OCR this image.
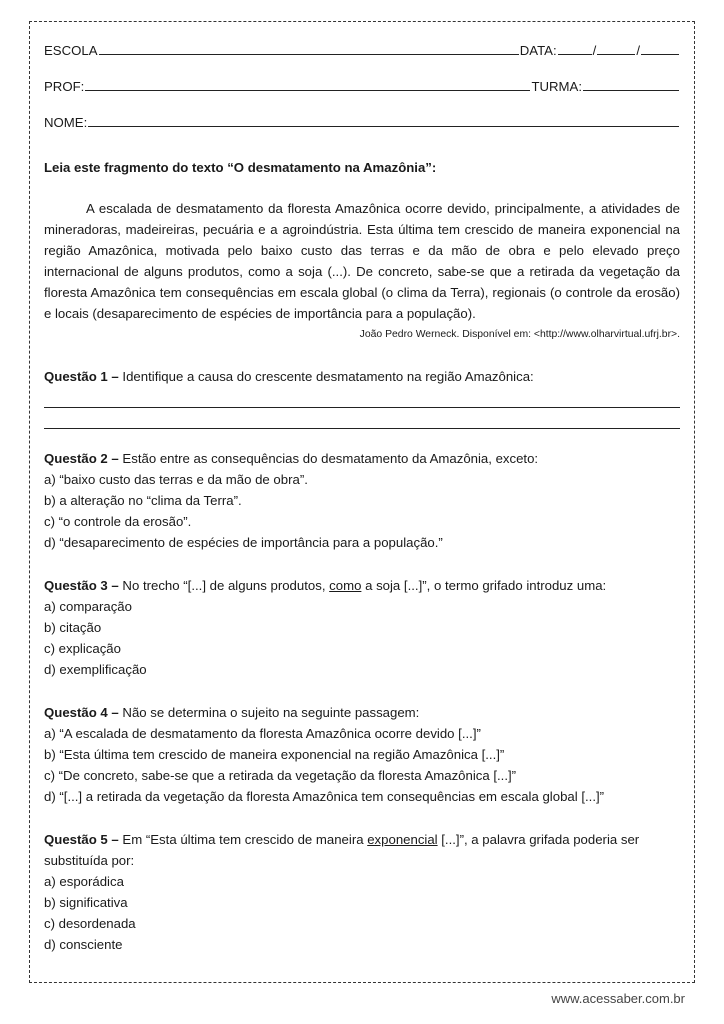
ESCOLA	DATA:	/	/
PROF:	TURMA:
NOME:
Leia este fragmento do texto “O desmatamento na Amazônia”:

A escalada de desmatamento da floresta Amazônica ocorre devido, principalmente, a atividades de mineradoras, madeireiras, pecuária e a agroindústria. Esta última tem crescido de maneira exponencial na região Amazônica, motivada pelo baixo custo das terras e da mão de obra e pelo elevado preço internacional de alguns produtos, como a soja (...). De concreto, sabe-se que a retirada da vegetação da floresta Amazônica tem consequências em escala global (o clima da Terra), regionais (o controle da erosão) e locais (desaparecimento de espécies de importância para a população).

João Pedro Werneck. Disponível em: <http://www.olharvirtual.ufrj.br>.
Questão 1 – Identifique a causa do crescente desmatamento na região Amazônica:
Questão 2 – Estão entre as consequências do desmatamento da Amazônia, exceto:
a) “baixo custo das terras e da mão de obra”.
b) a alteração no “clima da Terra”.
c) “o controle da erosão”.
d) “desaparecimento de espécies de importância para a população.”
Questão 3 – No trecho “[...] de alguns produtos, como a soja [...]”, o termo grifado introduz uma:
a) comparação
b) citação
c) explicação
d) exemplificação
Questão 4 – Não se determina o sujeito na seguinte passagem:
a) “A escalada de desmatamento da floresta Amazônica ocorre devido [...]”
b) “Esta última tem crescido de maneira exponencial na região Amazônica [...]”
c) “De concreto, sabe-se que a retirada da vegetação da floresta Amazônica [...]”
d) “[...] a retirada da vegetação da floresta Amazônica tem consequências em escala global [...]”
Questão 5 – Em “Esta última tem crescido de maneira exponencial [...]”, a palavra grifada poderia ser substituída por:
a) esporádica
b) significativa
c) desordenada
d) consciente
www.acessaber.com.br
